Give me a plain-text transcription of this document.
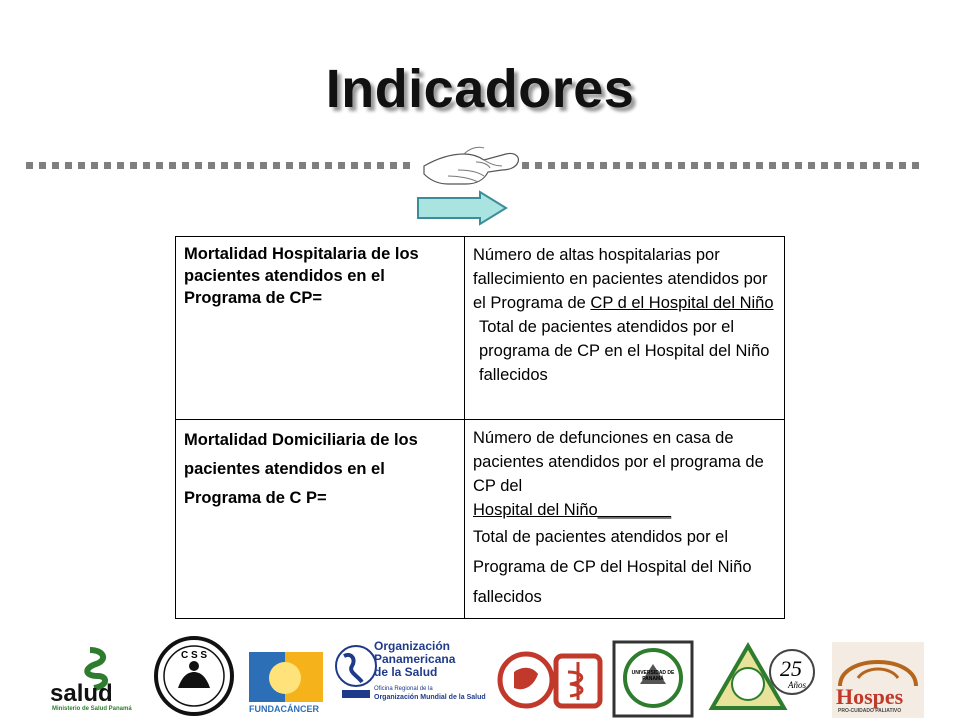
Indicadores
Mortalidad Hospitalaria de los pacientes atendidos en el Programa de CP=	Número de altas hospitalarias por fallecimiento en pacientes atendidos por el Programa de CP d el Hospital del Niño
Total de pacientes atendidos por el programa de CP en el Hospital del Niño fallecidos

Mortalidad Domiciliaria de los pacientes atendidos en el Programa de C P=	Número de defunciones en casa de pacientes atendidos por el programa de CP del
Hospital del Niño________
Total de pacientes atendidos por el Programa de CP del Hospital del Niño fallecidos
salud
Ministerio de Salud Panamá
C S S
FUNDACÁNCER
Organización
Panamericana
de la Salud
Oficina Regional de la
Organización Mundial de la Salud
UNIVERSIDAD DE PANAMÁ	25
Años Hospes
PRO-CUIDADO PALIATIVO
